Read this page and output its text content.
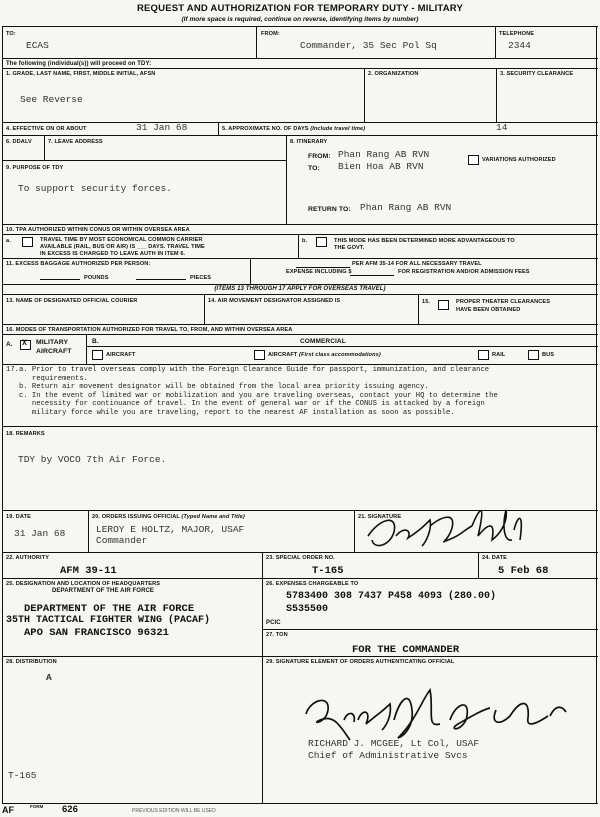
REQUEST AND AUTHORIZATION FOR TEMPORARY DUTY - MILITARY
(If more space is required, continue on reverse, identifying items by number)
TO:
ECAS
FROM:
Commander, 35 Sec Pol Sq
TELEPHONE
2344
The following (individual(s)) will proceed on TDY:
1. GRADE, LAST NAME, FIRST, MIDDLE INITIAL, AFSN
See Reverse
2. ORGANIZATION	3. SECURITY CLEARANCE
4. EFFECTIVE ON OR ABOUT	31 Jan 68	5. APPROXIMATE NO. OF DAYS (Include travel time)	14
6. DDALV	7. LEAVE ADDRESS	8. ITINERARY
FROM: Phan Rang AB RVN
TO: Bien Hoa AB RVN
VARIATIONS AUTHORIZED
9. PURPOSE OF TDY
To support security forces.
RETURN TO: Phan Rang AB RVN
10. TPA AUTHORIZED WITHIN CONUS OR WITHIN OVERSEA AREA
a.	TRAVEL TIME BY MOST ECONOMICAL COMMON CARRIER
AVAILABLE (RAIL, BUS OR AIR) IS ___ DAYS. TRAVEL TIME
IN EXCESS IS CHARGED TO LEAVE AUTH IN ITEM 6.
b.	THIS MODE HAS BEEN DETERMINED MORE ADVANTAGEOUS TO
THE GOVT.
11. EXCESS BAGGAGE AUTHORIZED PER PERSON:
POUNDS	PIECES
PER AFM 35-14 FOR ALL NECESSARY TRAVEL
EXPENSE INCLUDING $	FOR REGISTRATION AND/OR ADMISSION FEES
(ITEMS 13 THROUGH 17 APPLY FOR OVERSEAS TRAVEL)
13. NAME OF DESIGNATED OFFICIAL COURIER	14. AIR MOVEMENT DESIGNATOR ASSIGNED IS	15.	PROPER THEATER CLEARANCES
HAVE BEEN OBTAINED
16. MODES OF TRANSPORTATION AUTHORIZED FOR TRAVEL TO, FROM, AND WITHIN OVERSEA AREA
A. X MILITARY
AIRCRAFT
B.	COMMERCIAL
AIRCRAFT	AIRCRAFT (First class accommodations)	RAIL	BUS
17.a. Prior to travel overseas comply with the Foreign Clearance Guide for passport, immunization, and clearance
requirements.
b. Return air movement designator will be obtained from the local area priority issuing agency.
c. In the event of limited war or mobilization and you are traveling overseas, contact your HQ to determine the
necessity for continuance of travel. In the event of general war or if the CONUS is attacked by a foreign
military force while you are traveling, report to the nearest AF installation as soon as possible.
18. REMARKS
TDY by VOCO 7th Air Force.
19. DATE
31 Jan 68
20. ORDERS ISSUING OFFICIAL (Typed Name and Title)
LEROY E HOLTZ, MAJOR, USAF
Commander
21. SIGNATURE
22. AUTHORITY
AFM 39-11
23. SPECIAL ORDER NO.
T-165
24. DATE
5 Feb 68
25. DESIGNATION AND LOCATION OF HEADQUARTERS
DEPARTMENT OF THE AIR FORCE
DEPARTMENT OF THE AIR FORCE
35TH TACTICAL FIGHTER WING (PACAF)
APO SAN FRANCISCO 96321
26. EXPENSES CHARGEABLE TO
5783400 308 7437 P458 4093 (280.00)
S535500
PCIC
27. TON
FOR THE COMMANDER
28. DISTRIBUTION
A
T-165
29. SIGNATURE ELEMENT OF ORDERS AUTHENTICATING OFFICIAL
RICHARD J. MCGEE, Lt Col, USAF
Chief of Administrative Svcs
AF	FORM 626	PREVIOUS EDITION WILL BE USED
